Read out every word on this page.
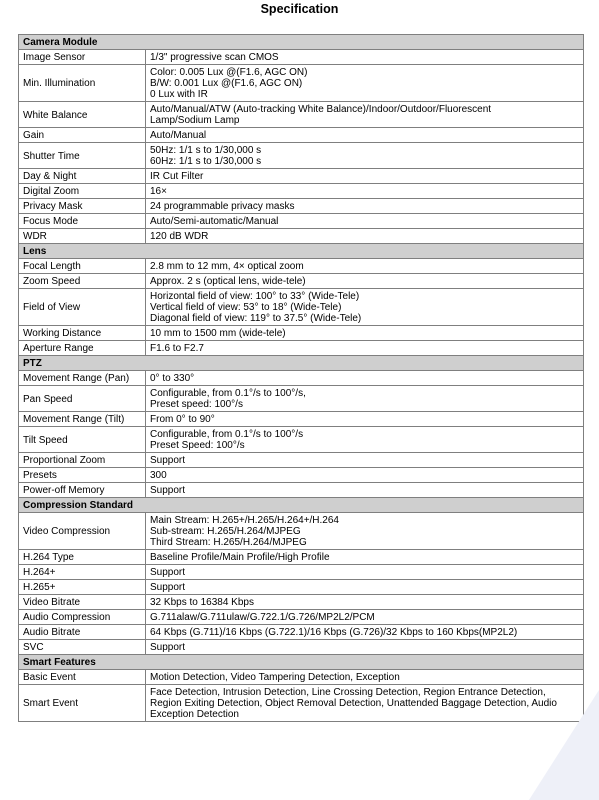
Specification
Camera Module	
Image Sensor	1/3" progressive scan CMOS

Min. Illumination	Color: 0.005 Lux @(F1.6, AGC ON)
B/W: 0.001 Lux @(F1.6, AGC ON)
0 Lux with IR

White Balance	Auto/Manual/ATW (Auto-tracking White Balance)/Indoor/Outdoor/Fluorescent
Lamp/Sodium Lamp

Gain	Auto/Manual

Shutter Time	50Hz: 1/1 s to 1/30,000 s
60Hz: 1/1 s to 1/30,000 s

Day & Night	IR Cut Filter

Digital Zoom	16×

Privacy Mask	24 programmable privacy masks

Focus Mode	Auto/Semi-automatic/Manual

WDR	120 dB WDR

Lens	
Focal Length	2.8 mm to 12 mm, 4× optical zoom

Zoom Speed	Approx. 2 s (optical lens, wide-tele)

Field of View	Horizontal field of view: 100° to 33° (Wide-Tele)
Vertical field of view: 53° to 18° (Wide-Tele)
Diagonal field of view: 119° to 37.5° (Wide-Tele)

Working Distance	10 mm to 1500 mm (wide-tele)

Aperture Range	F1.6 to F2.7

PTZ	
Movement Range (Pan)	0° to 330°

Pan Speed	Configurable, from 0.1°/s to 100°/s,
Preset speed: 100°/s

Movement Range (Tilt)	From 0° to 90°

Tilt Speed	Configurable, from 0.1°/s to 100°/s
Preset Speed: 100°/s

Proportional Zoom	Support

Presets	300

Power-off Memory	Support

Compression Standard	
Video Compression	Main Stream: H.265+/H.265/H.264+/H.264
Sub-stream: H.265/H.264/MJPEG
Third Stream: H.265/H.264/MJPEG

H.264 Type	Baseline Profile/Main Profile/High Profile

H.264+	Support

H.265+	Support

Video Bitrate	32 Kbps to 16384 Kbps

Audio Compression	G.711alaw/G.711ulaw/G.722.1/G.726/MP2L2/PCM

Audio Bitrate	64 Kbps (G.711)/16 Kbps (G.722.1)/16 Kbps (G.726)/32 Kbps to 160 Kbps(MP2L2)

SVC	Support

Smart Features	
Basic Event	Motion Detection, Video Tampering Detection, Exception

Smart Event	Face Detection, Intrusion Detection, Line Crossing Detection, Region Entrance Detection,
Region Exiting Detection, Object Removal Detection, Unattended Baggage Detection, Audio
Exception Detection
